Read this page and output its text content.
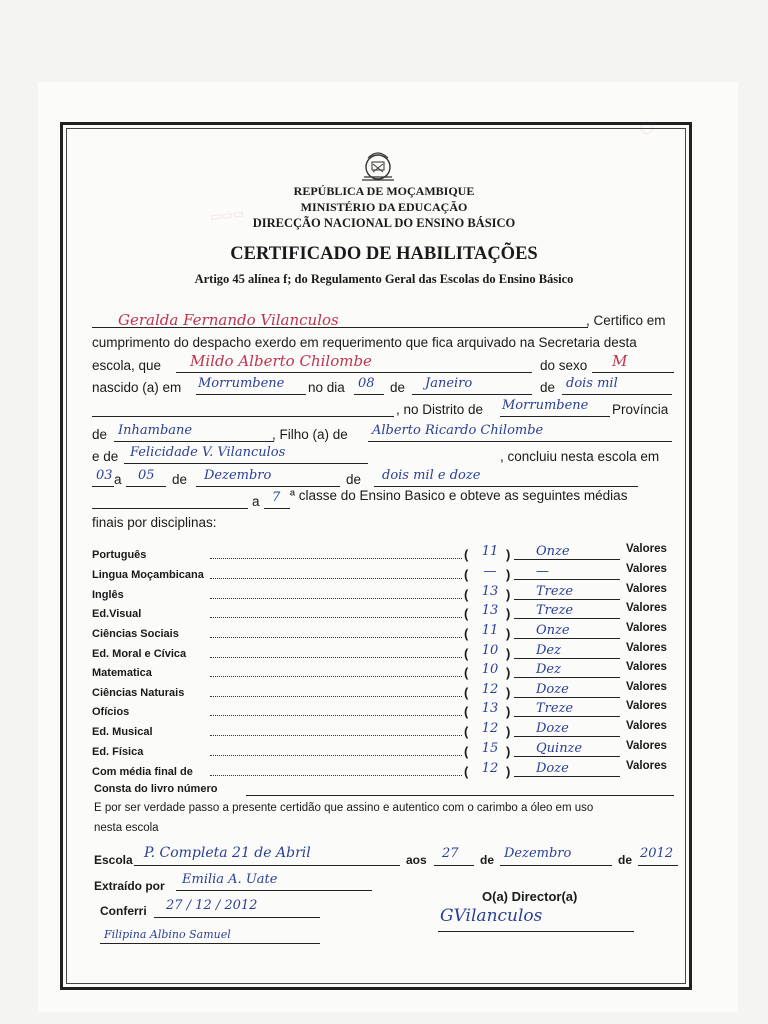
▭▭▭
◯
REPÚBLICA DE MOÇAMBIQUE
MINISTÉRIO DA EDUCAÇÃO
DIRECÇÃO NACIONAL DO ENSINO BÁSICO
CERTIFICADO DE HABILITAÇÕES
Artigo 45 alínea f; do Regulamento Geral das Escolas do Ensino Básico
Geralda Fernando Vilanculos	, Certifico em
cumprimento do despacho exerdo em requerimento que fica arquivado na Secretaria desta
escola, que Mildo Alberto Chilombe	do sexo M
nascido (a) em Morrumbene no dia 08 de Janeiro	de dois mil
, no Distrito de Morrumbene Província
de Inhambane	, Filho (a) de Alberto Ricardo Chilombe
e de Felicidade V. Vilanculos	, concluiu nesta escola em
03 a 05 de Dezembro	de dois mil e doze
a 7 ª classe do Ensino Basico e obteve as seguintes médias
finais por disciplinas:
Português	(	11 ) Onze	Valores
Lingua Moçambicana	(	— ) —	Valores
Inglês	(	13 ) Treze	Valores
Ed.Visual	(	13 ) Treze	Valores
Ciências Sociais	(	11 ) Onze	Valores
Ed. Moral e Cívica	(	10 ) Dez	Valores
Matematica	(	10 ) Dez	Valores
Ciências Naturais	(	12 ) Doze	Valores
Ofícios	(	13 ) Treze	Valores
Ed. Musical	(	12 ) Doze	Valores
Ed. Física	(	15 ) Quinze	Valores
Com média final de	(	12 ) Doze	Valores
Consta do livro número
E por ser verdade passo a presente certidão que assino e autentico com o carimbo a óleo em uso
nesta escola
Escola P. Completa 21 de Abril	aos 27 de Dezembro	de 2012
Extraído por Emilia A. Uate
O(a) Director(a)
Conferri 27 / 12 / 2012
GVilanculos
Filipina Albino Samuel
